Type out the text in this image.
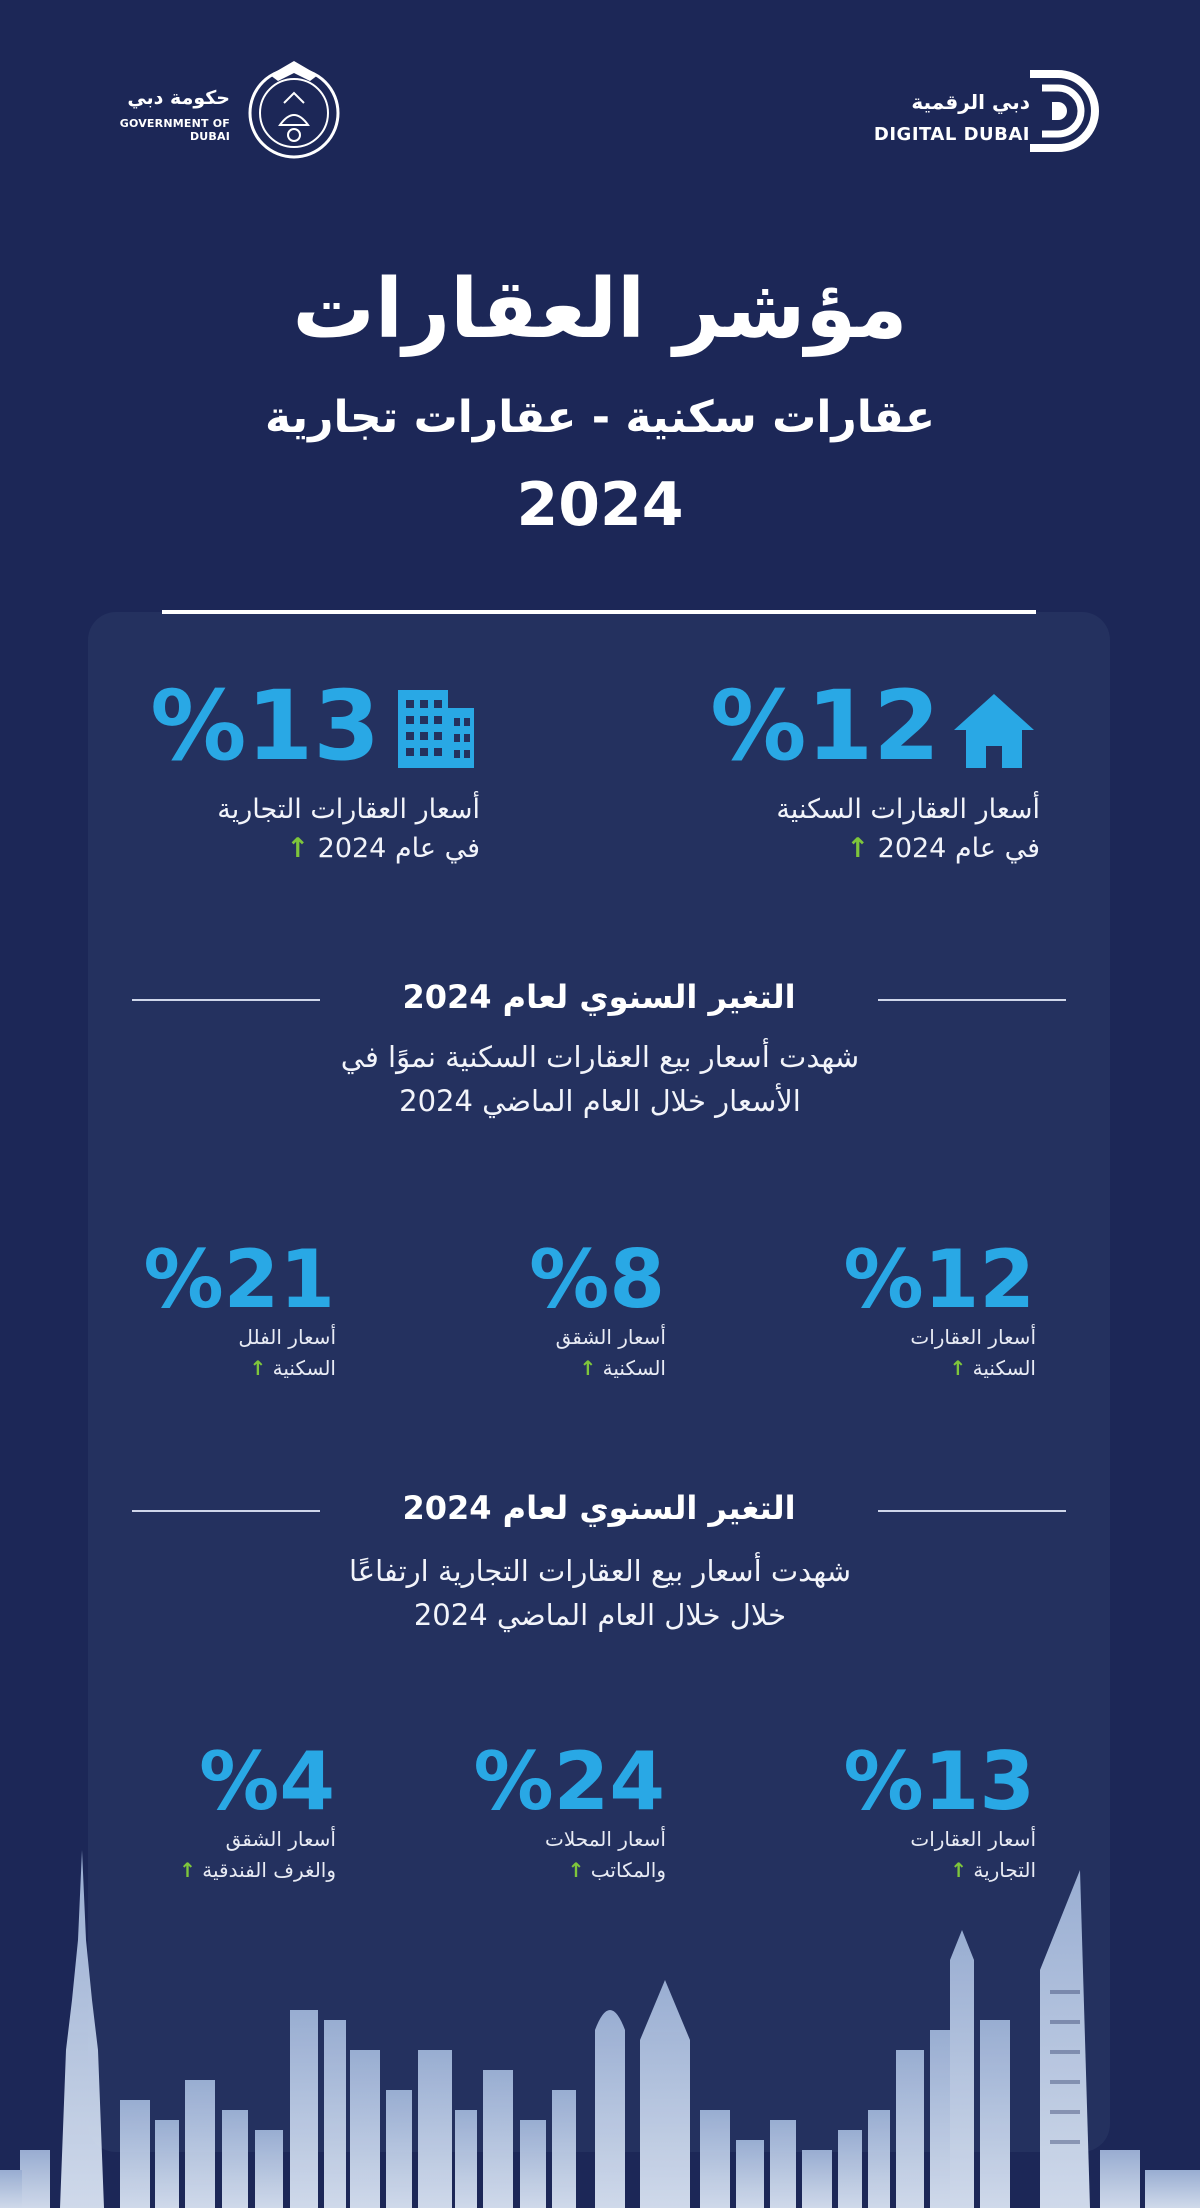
حكومة دبي
GOVERNMENT OF DUBAI
دبي الرقمية
DIGITAL DUBAI
مؤشر العقارات
عقارات سكنية - عقارات تجارية
2024
%12
أسعار العقارات السكنية
في عام 2024 ↑
%13
أسعار العقارات التجارية
في عام 2024 ↑
التغير السنوي لعام 2024
شهدت أسعار بيع العقارات السكنية نموًا في
الأسعار خلال العام الماضي 2024
%12
أسعار العقارات
السكنية ↑
%8
أسعار الشقق
السكنية ↑
%21
أسعار الفلل
السكنية ↑
التغير السنوي لعام 2024
شهدت أسعار بيع العقارات التجارية ارتفاعًا
خلال خلال العام الماضي 2024
%13
أسعار العقارات
التجارية ↑
%24
أسعار المحلات
والمكاتب ↑
%4
أسعار الشقق
والغرف الفندقية ↑
